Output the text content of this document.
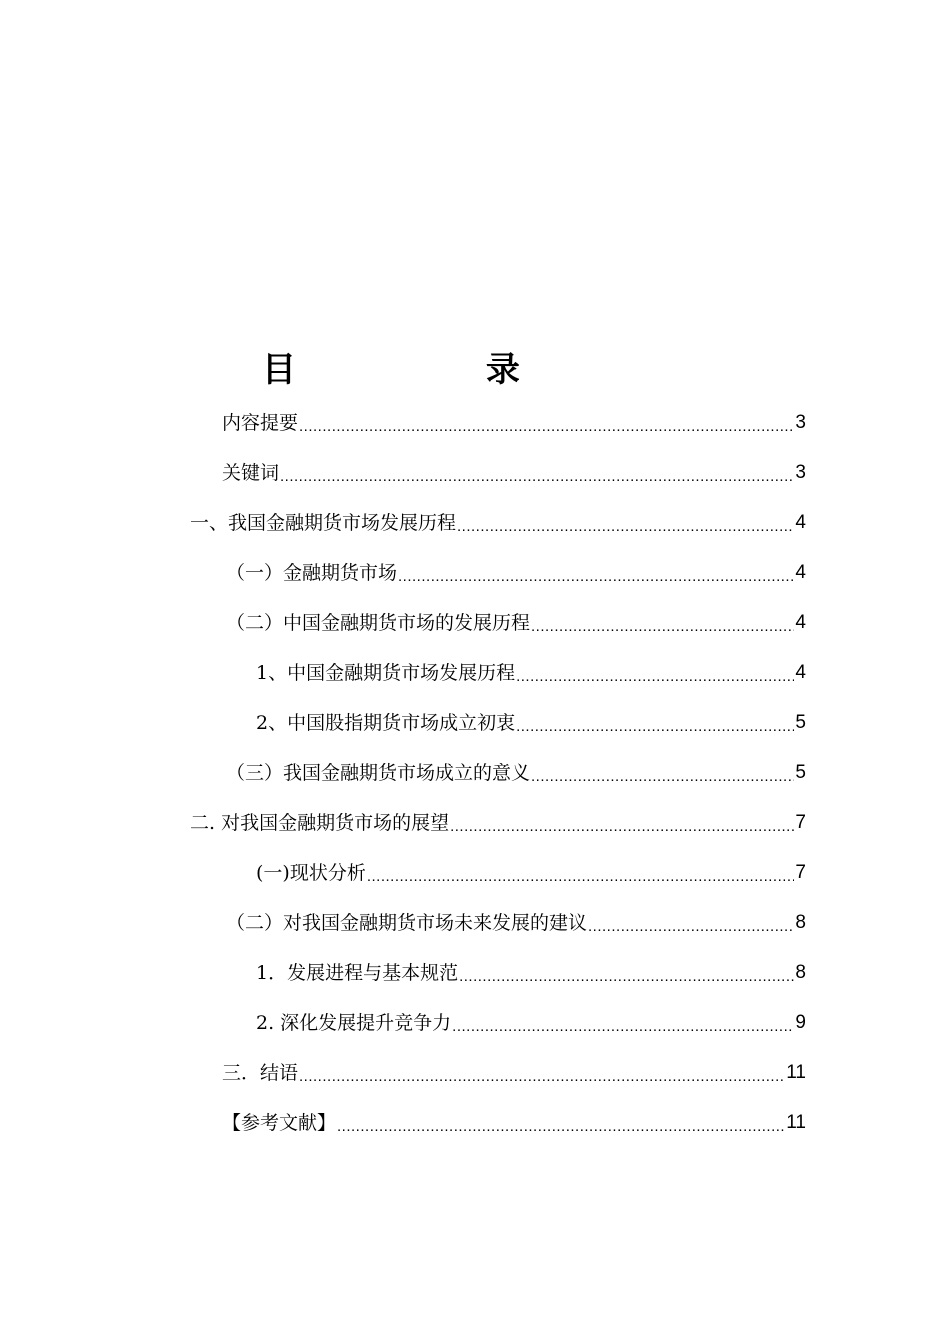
目　 录
内容提要 .....	3
关键词 .....	3
一、我国金融期货市场发展历程 .....	4
（一）金融期货市场 .....	4
（二）中国金融期货市场的发展历程 .....	4
1、中国金融期货市场发展历程 .....	4
2、中国股指期货市场成立初衷 .....	5
（三）我国金融期货市场成立的意义 .....	5
二. 对我国金融期货市场的展望 .....	7
(一)现状分析 .....	7
（二）对我国金融期货市场未来发展的建议 .....	8
1．发展进程与基本规范 .....	8
2. 深化发展提升竞争力 .....	9
三．结语 .....	11
【参考文献】 .....	11
